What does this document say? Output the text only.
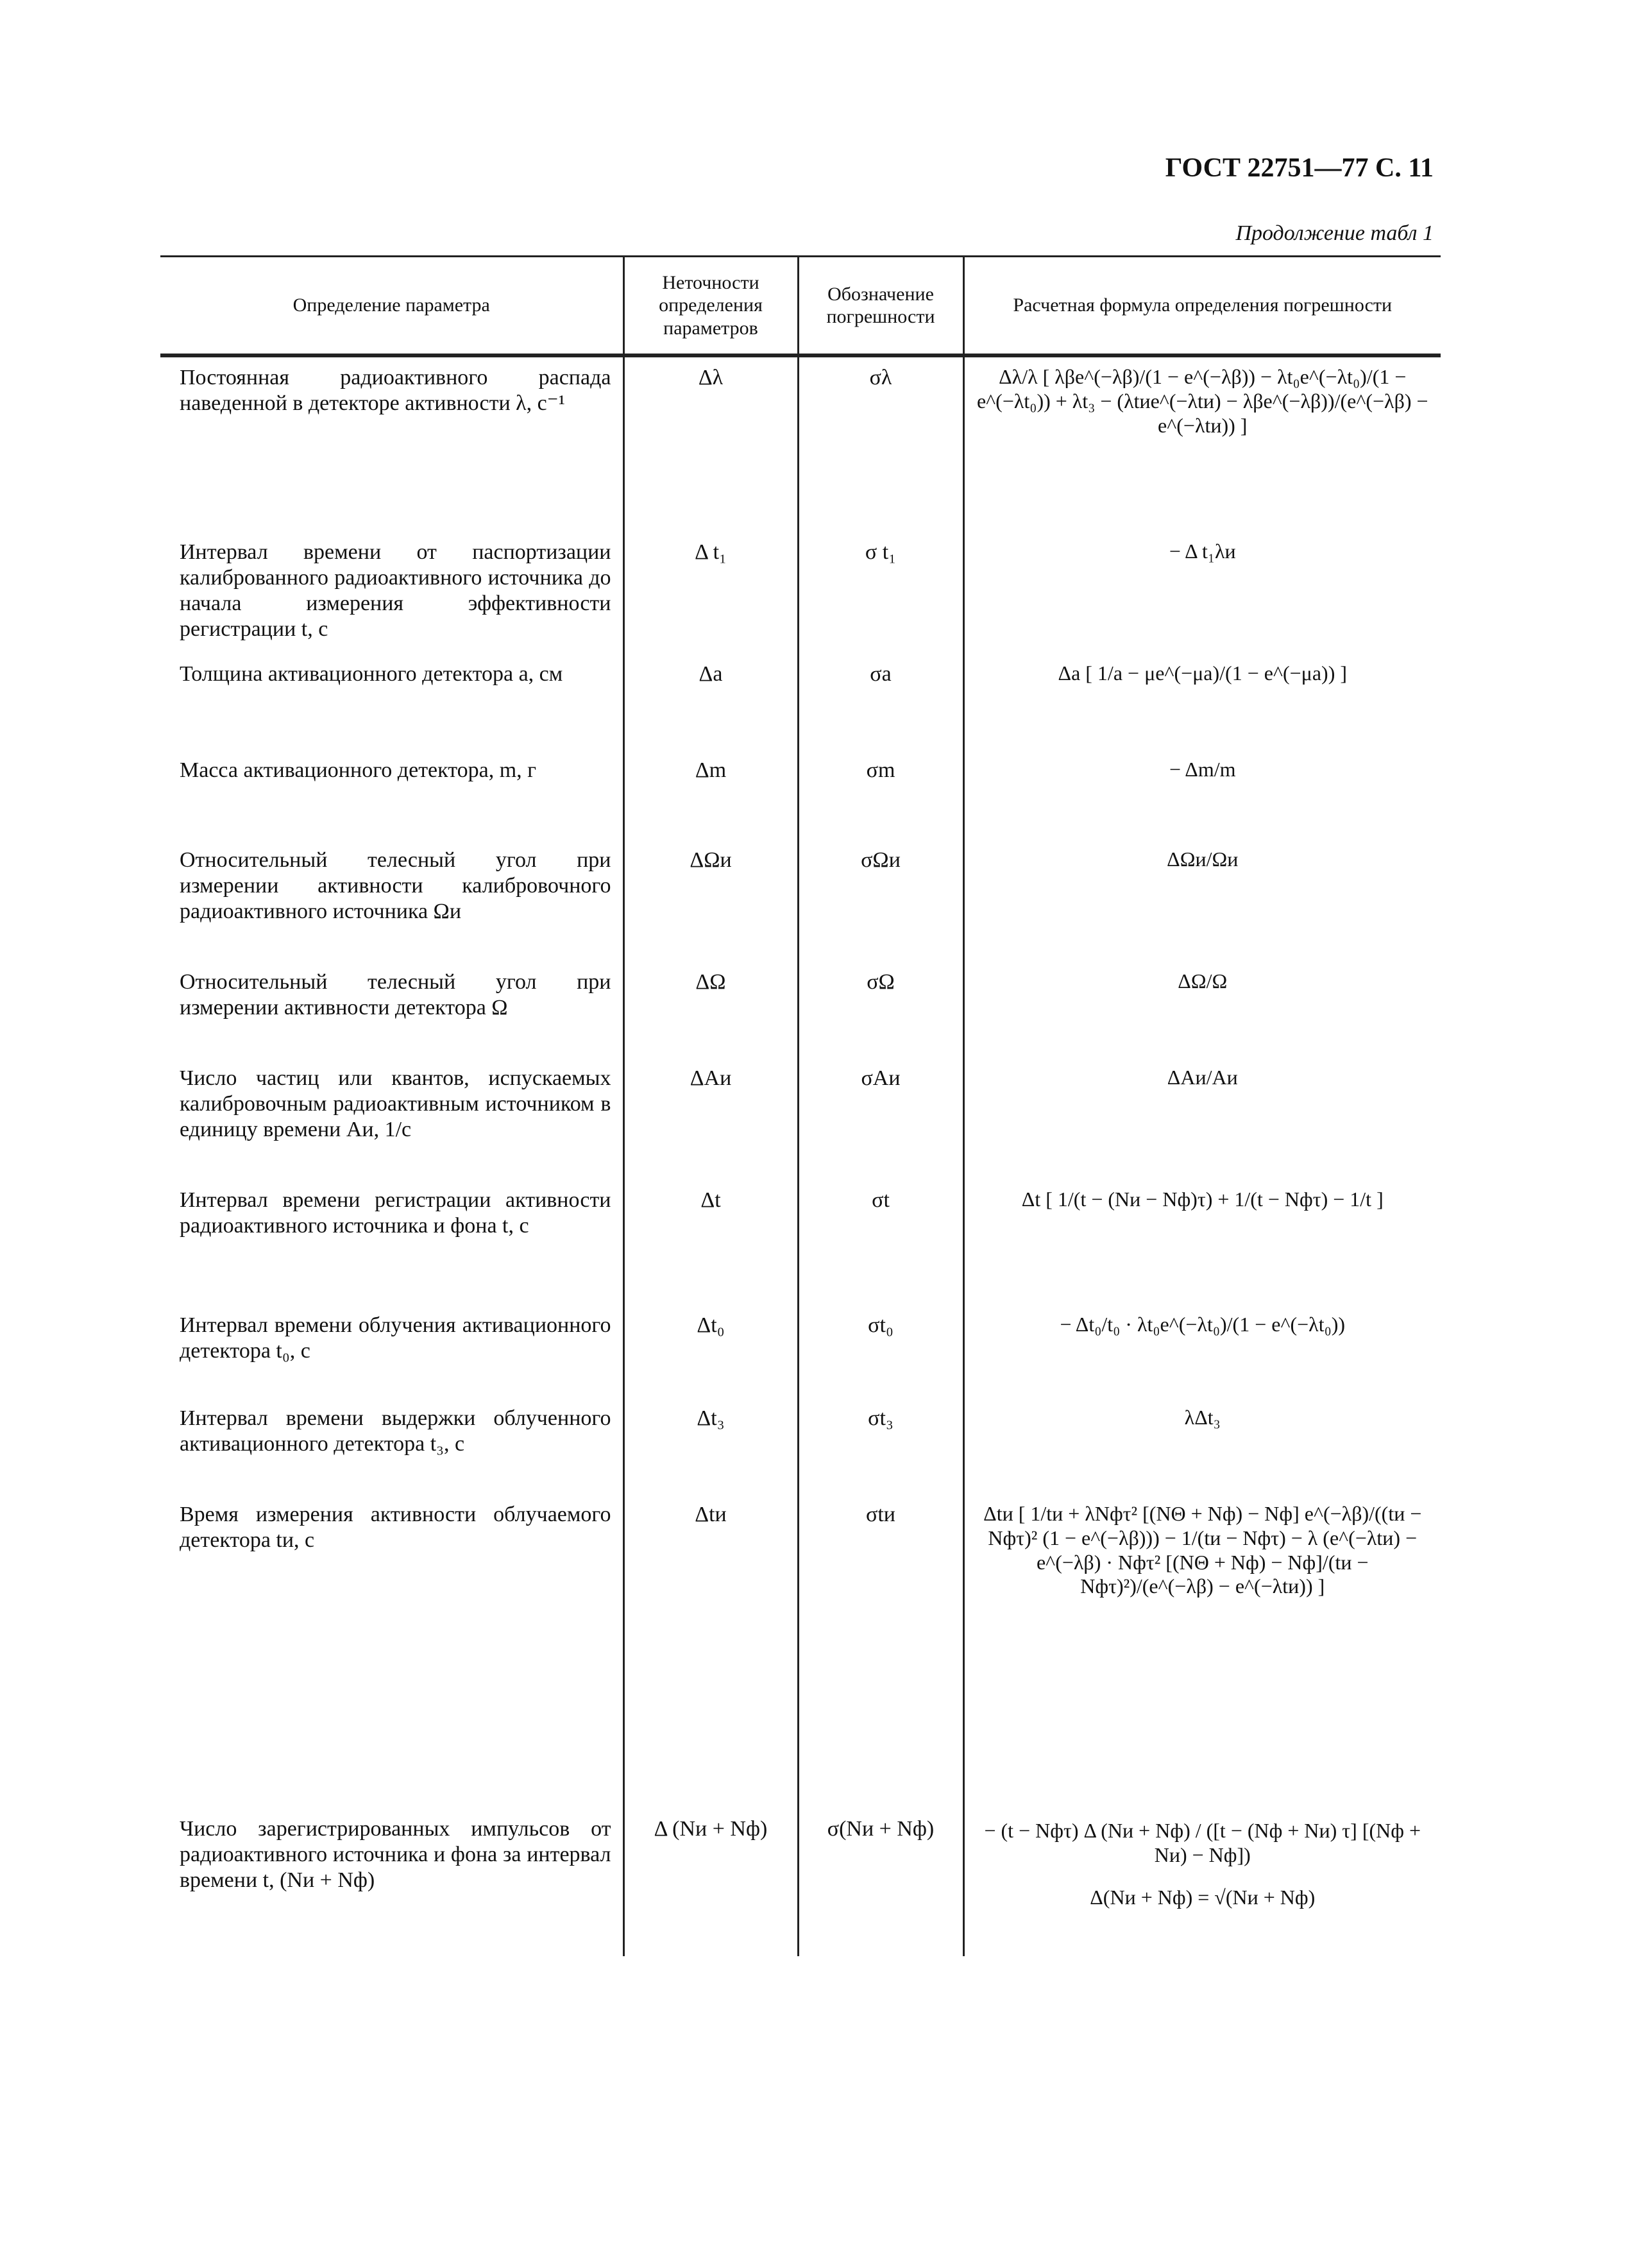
ГОСТ 22751—77 С. 11
Продолжение табл 1
Определение параметра	Неточности определения параметров	Обозначение погрешности	Расчетная формула определения погрешности
Постоянная радиоактивного распада наведенной в детекторе активности λ, с⁻¹	Δλ	σλ	Δλ/λ [ λβe^(−λβ)/(1 − e^(−λβ)) − λt₀e^(−λt₀)/(1 − e^(−λt₀)) + λt₃ − (λtиe^(−λtи) − λβe^(−λβ))/(e^(−λβ) − e^(−λtи)) ]
Интервал времени от паспортизации калиброванного радиоактивного источника до начала измерения эффективности регистрации t, с	Δ t₁	σ t₁	− Δ t₁λи
Толщина активационного детектора a, см	Δa	σa	Δa [ 1/a − μe^(−μa)/(1 − e^(−μa)) ]
Масса активационного детектора, m, г	Δm	σm	− Δm/m
Относительный телесный угол при измерении активности калибровочного радиоактивного источника Ωи	ΔΩи	σΩи	ΔΩи/Ωи
Относительный телесный угол при измерении активности детектора Ω	ΔΩ	σΩ	ΔΩ/Ω
Число частиц или квантов, испускаемых калибровочным радиоактивным источником в единицу времени Aи, 1/с	ΔAи	σAи	ΔAи/Aи
Интервал времени регистрации активности радиоактивного источника и фона t, с	Δt	σt	Δt [ 1/(t − (Nи − Nф)τ) + 1/(t − Nфτ) − 1/t ]
Интервал времени облучения активационного детектора t₀, с	Δt₀	σt₀	− Δt₀/t₀ · λt₀e^(−λt₀)/(1 − e^(−λt₀))
Интервал времени выдержки облученного активационного детектора t₃, с	Δt₃	σt₃	λΔt₃
Время измерения активности облучаемого детектора tи, с	Δtи	σtи	Δtи [ 1/tи + λNфτ² [(NΘ + Nф) − Nф] e^(−λβ)/((tи − Nфτ)² (1 − e^(−λβ))) − 1/(tи − Nфτ) − λ (e^(−λtи) − e^(−λβ) · Nфτ² [(NΘ + Nф) − Nф]/(tи − Nфτ)²)/(e^(−λβ) − e^(−λtи)) ]
Число зарегистрированных импульсов от радиоактивного источника и фона за интервал времени t, (Nи + Nф)	Δ (Nи + Nф)	σ(Nи + Nф)	− (t − Nфτ) Δ (Nи + Nф) / ([t − (Nф + Nи) τ] [(Nф + Nи) − Nф]) Δ(Nи + Nф) = √(Nи + Nф)
